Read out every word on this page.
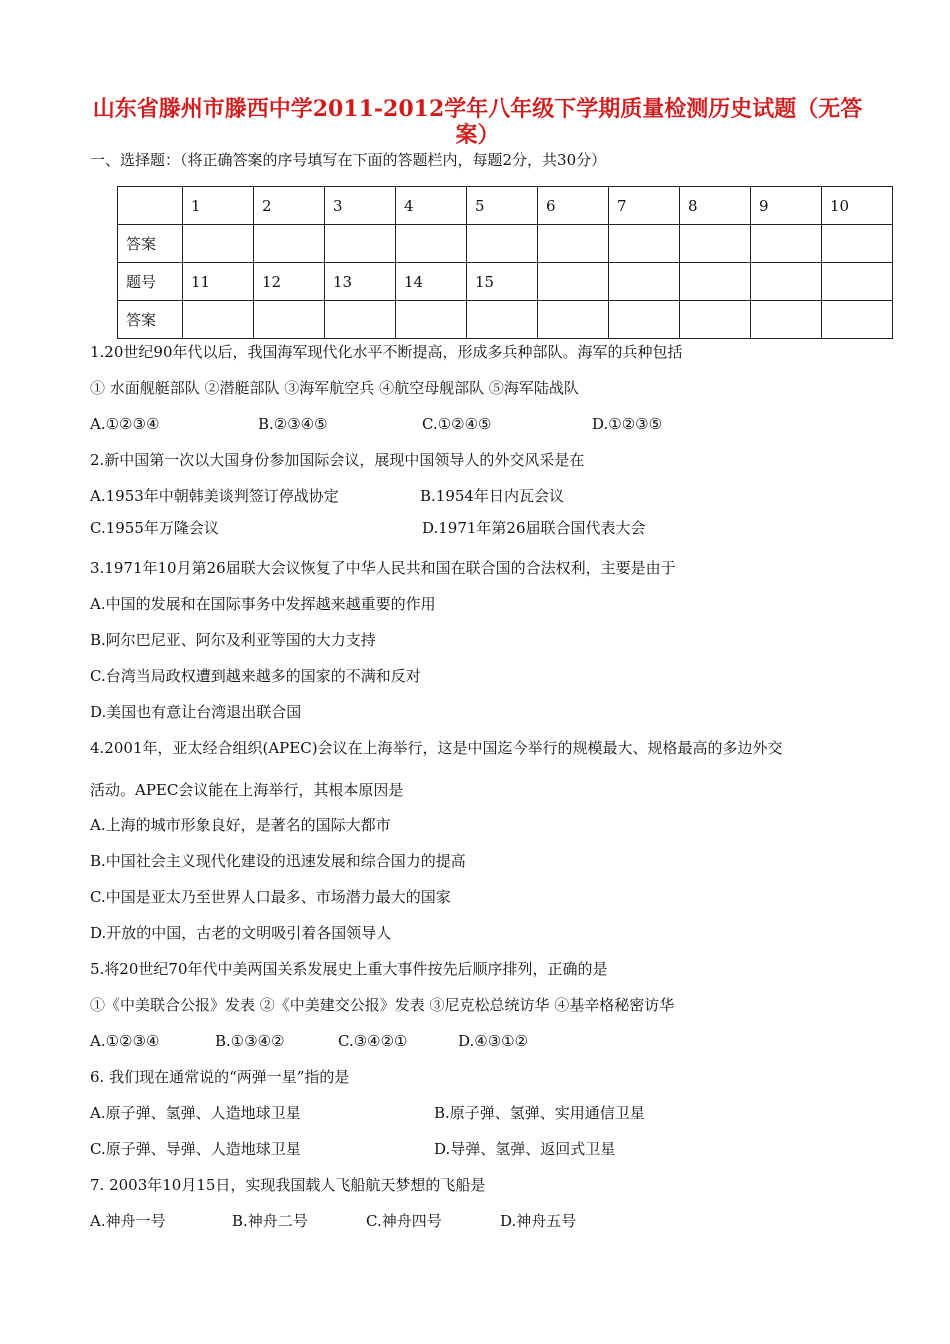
山东省滕州市滕西中学2011-2012学年八年级下学期质量检测历史试题（无答案）
一、选择题：（将正确答案的序号填写在下面的答题栏内，每题2分，共30分）
	1	2	3	4	5	6	7	8	9	10
答案										
题号	11	12	13	14	15					
答案										
1.20世纪90年代以后，我国海军现代化水平不断提高，形成多兵种部队。海军的兵种包括
① 水面舰艇部队 ②潜艇部队 ③海军航空兵 ④航空母舰部队 ⑤海军陆战队
A.①②③④	B.②③④⑤	C.①②④⑤	D.①②③⑤
2.新中国第一次以大国身份参加国际会议，展现中国领导人的外交风采是在
A.1953年中朝韩美谈判签订停战协定	B.1954年日内瓦会议
C.1955年万隆会议	D.1971年第26届联合国代表大会
3.1971年10月第26届联大会议恢复了中华人民共和国在联合国的合法权利，主要是由于
A.中国的发展和在国际事务中发挥越来越重要的作用
B.阿尔巴尼亚、阿尔及利亚等国的大力支持
C.台湾当局政权遭到越来越多的国家的不满和反对
D.美国也有意让台湾退出联合国
4.2001年，亚太经合组织(APEC)会议在上海举行，这是中国迄今举行的规模最大、规格最高的多边外交
活动。APEC会议能在上海举行，其根本原因是
A.上海的城市形象良好，是著名的国际大都市
B.中国社会主义现代化建设的迅速发展和综合国力的提高
C.中国是亚太乃至世界人口最多、市场潜力最大的国家
D.开放的中国，古老的文明吸引着各国领导人
5.将20世纪70年代中美两国关系发展史上重大事件按先后顺序排列，正确的是
①《中美联合公报》发表 ②《中美建交公报》发表 ③尼克松总统访华 ④基辛格秘密访华
A.①②③④	B.①③④②	C.③④②①	D.④③①②
6. 我们现在通常说的“两弹一星”指的是
A.原子弹、氢弹、人造地球卫星	B.原子弹、氢弹、实用通信卫星
C.原子弹、导弹、人造地球卫星	D.导弹、氢弹、返回式卫星
7. 2003年10月15日，实现我国载人飞船航天梦想的飞船是
A.神舟一号	B.神舟二号	C.神舟四号	D.神舟五号
